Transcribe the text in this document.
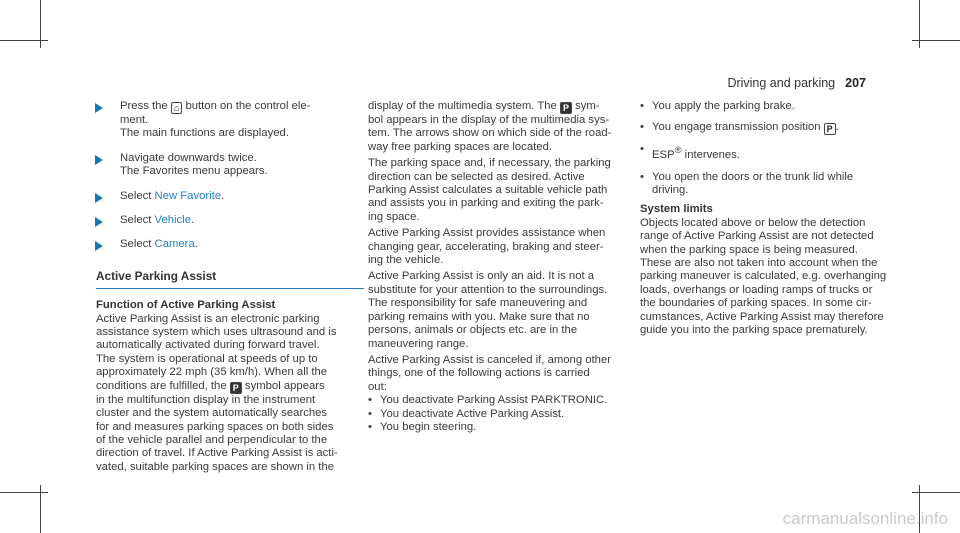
Driving and parking 207

Press the ⌂ button on the control ele-

ment.

The main functions are displayed.

Navigate downwards twice.

The Favorites menu appears.

Select New Favorite.

Select Vehicle.

Select Camera.

Active Parking Assist

Function of Active Parking Assist

Active Parking Assist is an electronic parking

assistance system which uses ultrasound and is

automatically activated during forward travel.

The system is operational at speeds of up to

approximately 22 mph (35 km/h). When all the

conditions are fulfilled, the P symbol appears

in the multifunction display in the instrument

cluster and the system automatically searches

for and measures parking spaces on both sides

of the vehicle parallel and perpendicular to the

direction of travel. If Active Parking Assist is acti-

vated, suitable parking spaces are shown in the

display of the multimedia system. The P sym-

bol appears in the display of the multimedia sys-

tem. The arrows show on which side of the road-

way free parking spaces are located.

The parking space and, if necessary, the parking

direction can be selected as desired. Active

Parking Assist calculates a suitable vehicle path

and assists you in parking and exiting the park-

ing space.

Active Parking Assist provides assistance when

changing gear, accelerating, braking and steer-

ing the vehicle.

Active Parking Assist is only an aid. It is not a

substitute for your attention to the surroundings.

The responsibility for safe maneuvering and

parking remains with you. Make sure that no

persons, animals or objects etc. are in the

maneuvering range.

Active Parking Assist is canceled if, among other

things, one of the following actions is carried

out:

• You deactivate Parking Assist PARKTRONIC.

• You deactivate Active Parking Assist.

• You begin steering.

• You apply the parking brake.

• You engage transmission position P .

• ESP® intervenes.

• You open the doors or the trunk lid while

driving.

System limits

Objects located above or below the detection

range of Active Parking Assist are not detected

when the parking space is being measured.

These are also not taken into account when the

parking maneuver is calculated, e.g. overhanging

loads, overhangs or loading ramps of trucks or

the boundaries of parking spaces. In some cir-

cumstances, Active Parking Assist may therefore

guide you into the parking space prematurely.

carmanualsonline.info
